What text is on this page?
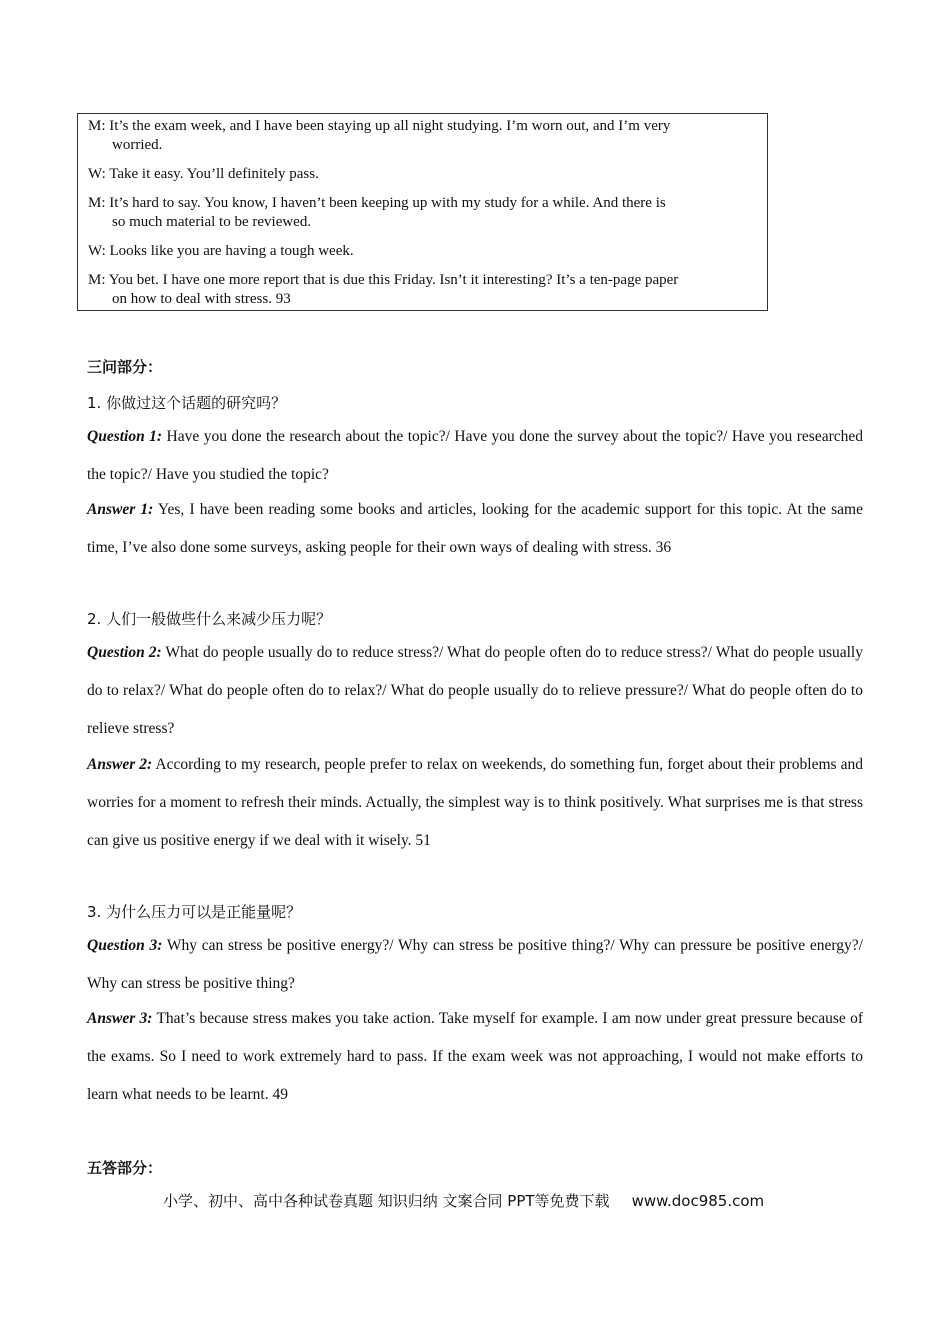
M: It’s the exam week, and I have been staying up all night studying. I’m worn out, and I’m very
worried.
W: Take it easy. You’ll definitely pass.
M: It’s hard to say. You know, I haven’t been keeping up with my study for a while. And there is
so much material to be reviewed.
W: Looks like you are having a tough week.
M: You bet. I have one more report that is due this Friday. Isn’t it interesting? It’s a ten-page paper
on how to deal with stress. 93
三问部分：
1. 你做过这个话题的研究吗？
Question 1: Have you done the research about the topic?/ Have you done the survey about the topic?/ Have you researched the topic?/ Have you studied the topic?
Answer 1: Yes, I have been reading some books and articles, looking for the academic support for this topic. At the same time, I’ve also done some surveys, asking people for their own ways of dealing with stress. 36
2. 人们一般做些什么来减少压力呢？
Question 2: What do people usually do to reduce stress?/ What do people often do to reduce stress?/ What do people usually do to relax?/ What do people often do to relax?/ What do people usually do to relieve pressure?/ What do people often do to relieve stress?
Answer 2: According to my research, people prefer to relax on weekends, do something fun, forget about their problems and worries for a moment to refresh their minds. Actually, the simplest way is to think positively. What surprises me is that stress can give us positive energy if we deal with it wisely. 51
3. 为什么压力可以是正能量呢？
Question 3: Why can stress be positive energy?/ Why can stress be positive thing?/ Why can pressure be positive energy?/ Why can stress be positive thing?
Answer 3: That’s because stress makes you take action. Take myself for example. I am now under great pressure because of the exams. So I need to work extremely hard to pass. If the exam week was not approaching, I would not make efforts to learn what needs to be learnt. 49
五答部分：
小学、初中、高中各种试卷真题 知识归纳 文案合同 PPT等免费下载 www.doc985.com
